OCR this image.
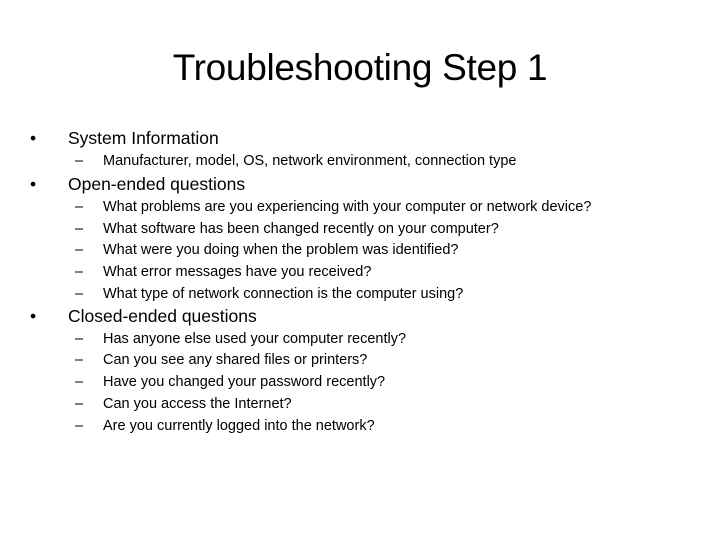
Troubleshooting Step 1
• System Information
– Manufacturer, model, OS, network environment, connection type
• Open-ended questions
– What problems are you experiencing with your computer or network device?
– What software has been changed recently on your computer?
– What were you doing when the problem was identified?
– What error messages have you received?
– What type of network connection is the computer using?
• Closed-ended questions
– Has anyone else used your computer recently?
– Can you see any shared files or printers?
– Have you changed your password recently?
– Can you access the Internet?
– Are you currently logged into the network?
